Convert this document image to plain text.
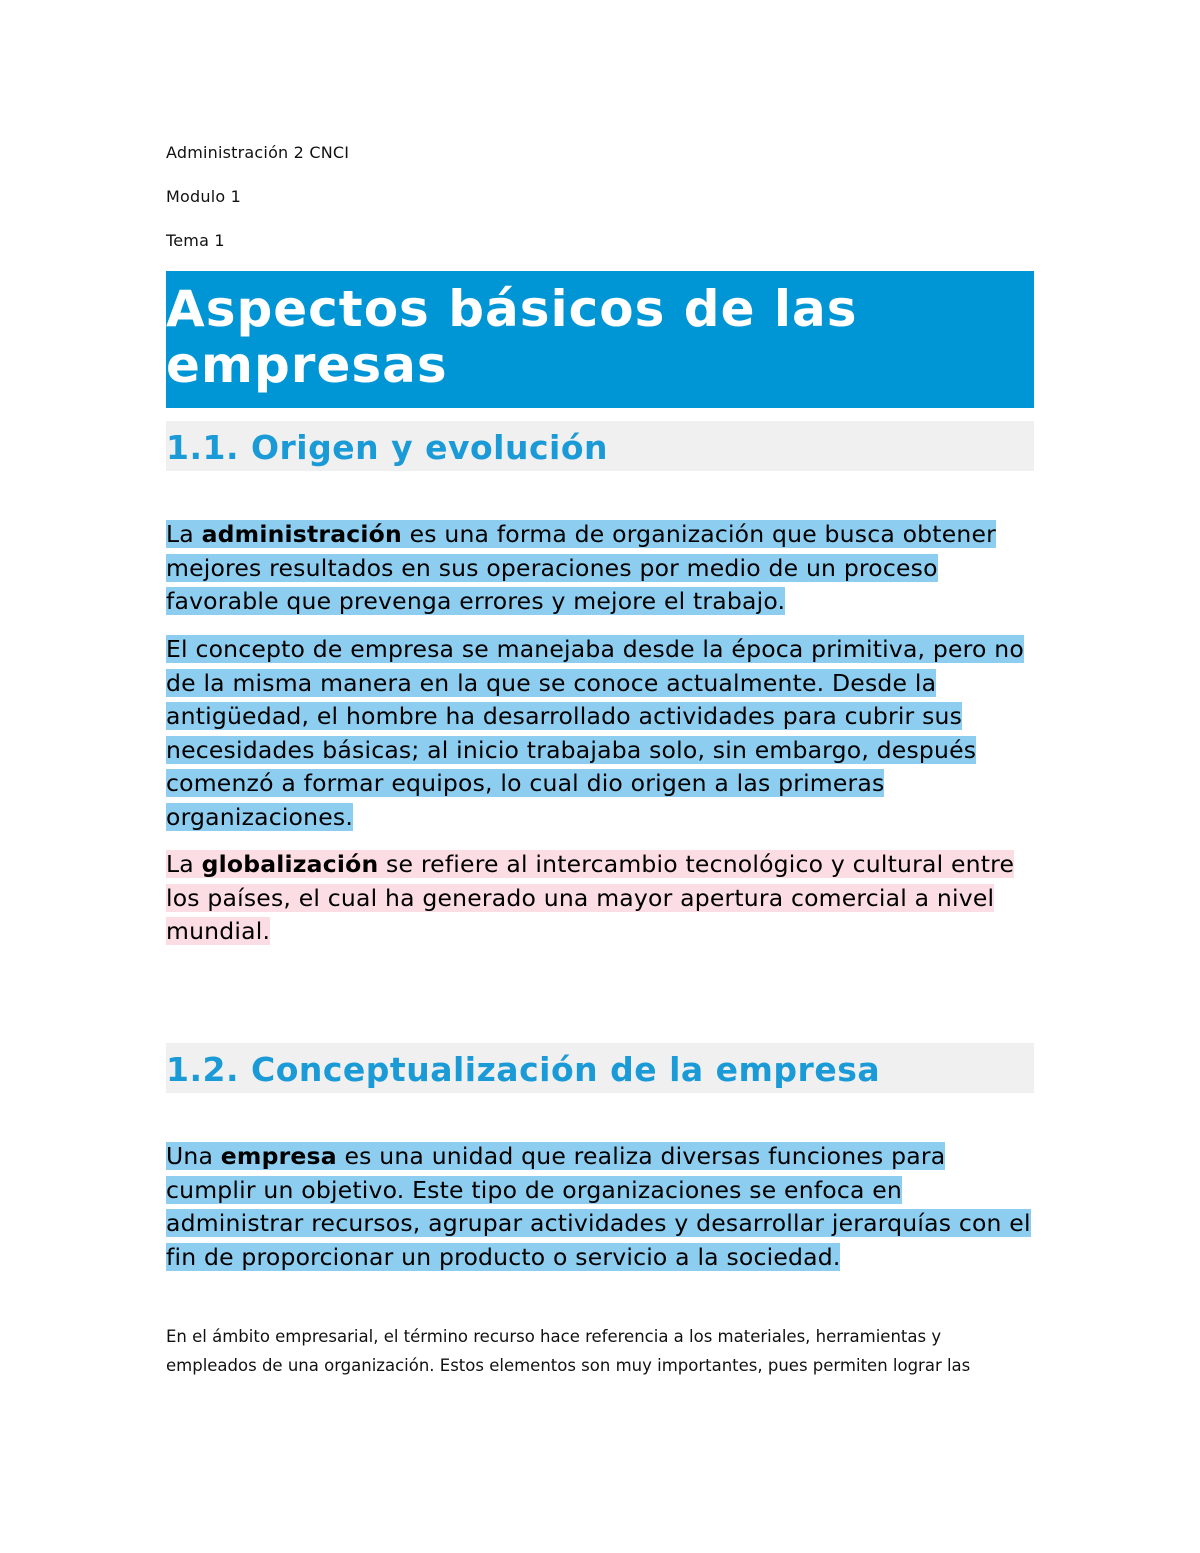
Administración 2 CNCI

Modulo 1

Tema 1

Aspectos básicos de las empresas
1.1. Origen y evolución

La administración es una forma de organización que busca obtener mejores resultados en sus operaciones por medio de un proceso favorable que prevenga errores y mejore el trabajo.

El concepto de empresa se manejaba desde la época primitiva, pero no de la misma manera en la que se conoce actualmente. Desde la antigüedad, el hombre ha desarrollado actividades para cubrir sus necesidades básicas; al inicio trabajaba solo, sin embargo, después comenzó a formar equipos, lo cual dio origen a las primeras organizaciones.

La globalización se refiere al intercambio tecnológico y cultural entre los países, el cual ha generado una mayor apertura comercial a nivel mundial.

1.2. Conceptualización de la empresa

Una empresa es una unidad que realiza diversas funciones para cumplir un objetivo. Este tipo de organizaciones se enfoca en administrar recursos, agrupar actividades y desarrollar jerarquías con el fin de proporcionar un producto o servicio a la sociedad.

En el ámbito empresarial, el término recurso hace referencia a los materiales, herramientas y empleados de una organización. Estos elementos son muy importantes, pues permiten lograr las
